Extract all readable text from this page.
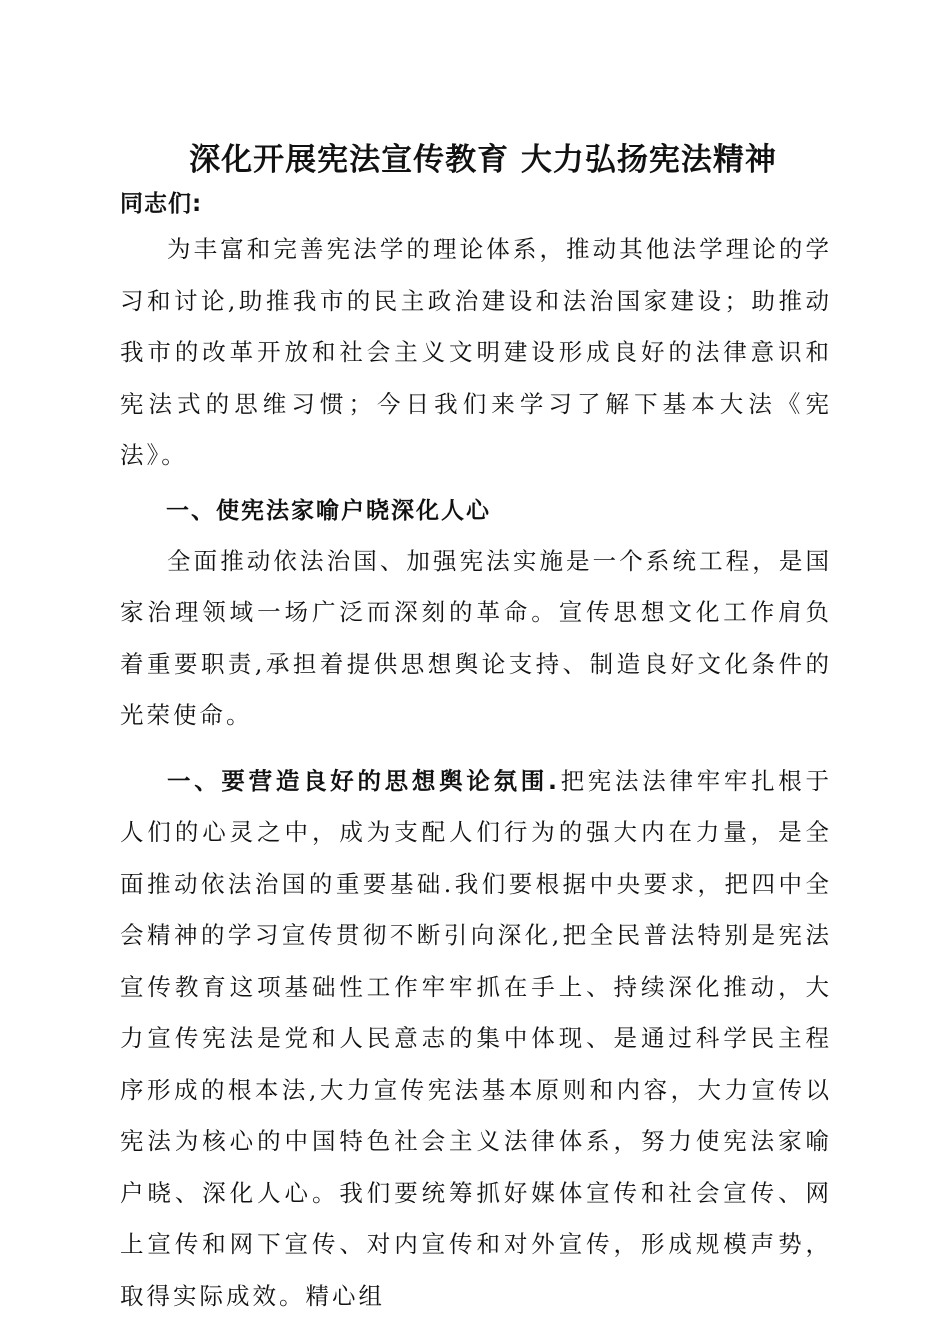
深化开展宪法宣传教育 大力弘扬宪法精神

同志们:

为丰富和完善宪法学的理论体系，推动其他法学理论的学习和讨论,助推我市的民主政治建设和法治国家建设；助推动我市的改革开放和社会主义文明建设形成良好的法律意识和宪法式的思维习惯；今日我们来学习了解下基本大法《宪法》。

一、使宪法家喻户晓深化人心

全面推动依法治国、加强宪法实施是一个系统工程，是国家治理领域一场广泛而深刻的革命。宣传思想文化工作肩负着重要职责,承担着提供思想舆论支持、制造良好文化条件的光荣使命。

一、要营造良好的思想舆论氛围.把宪法法律牢牢扎根于人们的心灵之中，成为支配人们行为的强大内在力量，是全面推动依法治国的重要基础.我们要根据中央要求，把四中全会精神的学习宣传贯彻不断引向深化,把全民普法特别是宪法宣传教育这项基础性工作牢牢抓在手上、持续深化推动，大力宣传宪法是党和人民意志的集中体现、是通过科学民主程序形成的根本法,大力宣传宪法基本原则和内容，大力宣传以宪法为核心的中国特色社会主义法律体系，努力使宪法家喻户晓、深化人心。我们要统筹抓好媒体宣传和社会宣传、网上宣传和网下宣传、对内宣传和对外宣传，形成规模声势，取得实际成效。精心组
